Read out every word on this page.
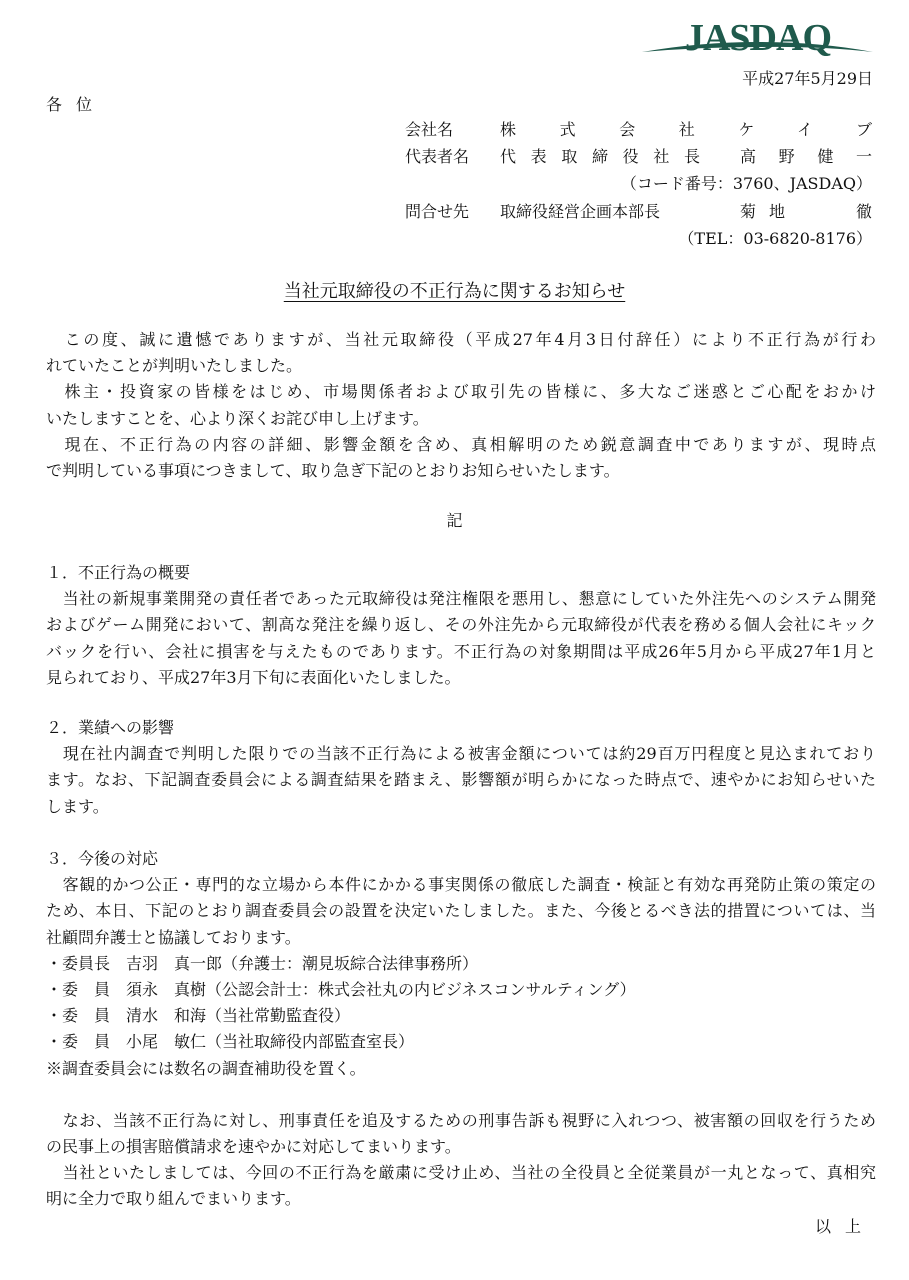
JASDAQ
平成27年5月29日
各位
会社名	株式会社ケイブ
代表者名	代表取締役社長	高野健一
（コード番号：3760、JASDAQ）
問合せ先	取締役経営企画本部長	菊地　　徹
（TEL：03-6820-8176）
当社元取締役の不正行為に関するお知らせ
　この度、誠に遺憾でありますが、当社元取締役（平成27年4月3日付辞任）により不正行為が行わ
れていたことが判明いたしました。
　株主・投資家の皆様をはじめ、市場関係者および取引先の皆様に、多大なご迷惑とご心配をおかけ
いたしますことを、心より深くお詫び申し上げます。
　現在、不正行為の内容の詳細、影響金額を含め、真相解明のため鋭意調査中でありますが、現時点
で判明している事項につきまして、取り急ぎ下記のとおりお知らせいたします。
記
１．不正行為の概要
　当社の新規事業開発の責任者であった元取締役は発注権限を悪用し、懇意にしていた外注先へのシステム開発
およびゲーム開発において、割高な発注を繰り返し、その外注先から元取締役が代表を務める個人会社にキック
バックを行い、会社に損害を与えたものであります。不正行為の対象期間は平成26年5月から平成27年1月と
見られており、平成27年3月下旬に表面化いたしました。
２．業績への影響
　現在社内調査で判明した限りでの当該不正行為による被害金額については約29百万円程度と見込まれており
ます。なお、下記調査委員会による調査結果を踏まえ、影響額が明らかになった時点で、速やかにお知らせいた
します。
３．今後の対応
　客観的かつ公正・専門的な立場から本件にかかる事実関係の徹底した調査・検証と有効な再発防止策の策定の
ため、本日、下記のとおり調査委員会の設置を決定いたしました。また、今後とるべき法的措置については、当
社顧問弁護士と協議しております。
・委員長　吉羽　真一郎（弁護士：潮見坂綜合法律事務所）
・委　員　須永　真樹（公認会計士：株式会社丸の内ビジネスコンサルティング）
・委　員　清水　和海（当社常勤監査役）
・委　員　小尾　敏仁（当社取締役内部監査室長）
※調査委員会には数名の調査補助役を置く。
　なお、当該不正行為に対し、刑事責任を追及するための刑事告訴も視野に入れつつ、被害額の回収を行うため
の民事上の損害賠償請求を速やかに対応してまいります。
　当社といたしましては、今回の不正行為を厳粛に受け止め、当社の全役員と全従業員が一丸となって、真相究
明に全力で取り組んでまいります。
以上
